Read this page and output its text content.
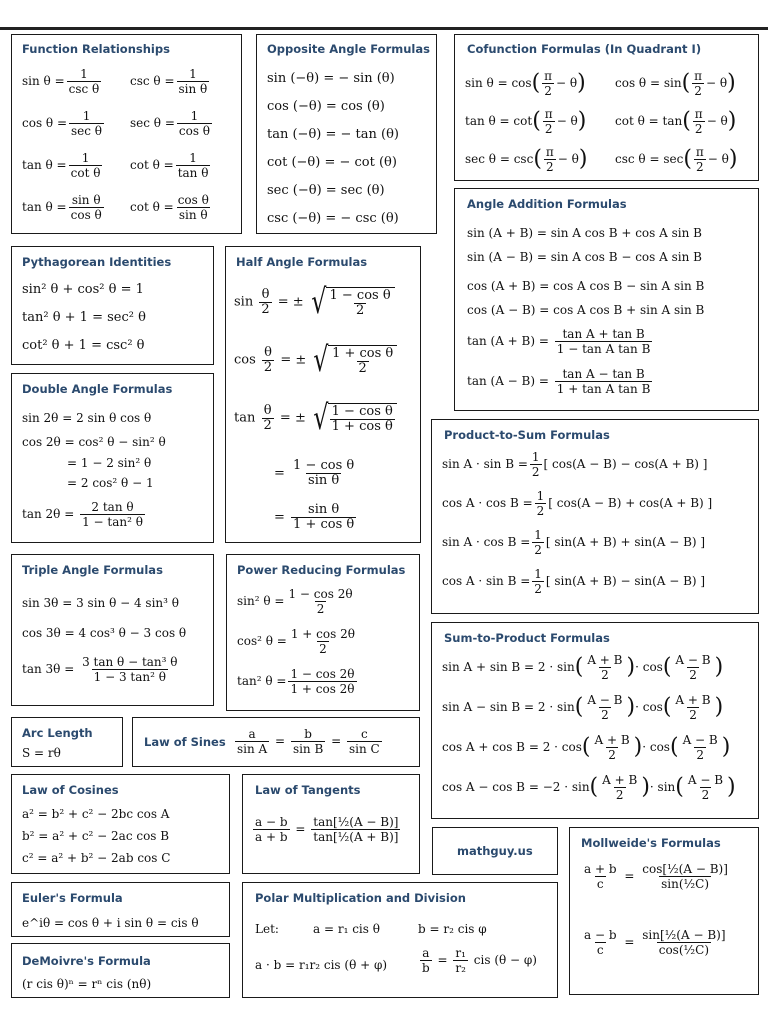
Function Relationships
$\sin \theta = \frac{1}{\text{csc θ}}$ $\csc \theta = \frac{1}{\text{sin θ}}$
$\cos \theta = \frac{1}{\text{sec θ}}$ $\sec \theta = \frac{1}{\text{cos θ}}$
$\tan \theta = \frac{1}{\text{cot θ}}$ $\cot \theta = \frac{1}{\text{tan θ}}$
$\tan \theta = \frac{\text{sin θ}}{\text{cos θ}}$ $\cot \theta = \frac{\text{cos θ}}{\text{sin θ}}$
Opposite Angle Formulas
sin (−θ) = − sin (θ)
cos (−θ) = cos (θ)
tan (−θ) = − tan (θ)
cot (−θ) = − cot (θ)
sec (−θ) = sec (θ)
csc (−θ) = − csc (θ)
Cofunction Formulas (In Quadrant I)
$\sin \theta = \cos( \frac{\pi}{2} - \theta)$ $\cos \theta = \sin( \frac{\pi}{2} - \theta)$
$\tan \theta = \cot( \frac{\pi}{2} - \theta)$ $\cot \theta = \tan( \frac{\pi}{2} - \theta)$
$\sec \theta = \csc( \frac{\pi}{2} - \theta)$ $\csc \theta = \sec( \frac{\pi}{2} - \theta)$
Angle Addition Formulas
sin (A + B) = sin A cos B + cos A sin B
sin (A − B) = sin A cos B − cos A sin B
cos (A + B) = cos A cos B − sin A sin B
cos (A − B) = cos A cos B + sin A sin B
$\tan (A + B) = \frac{\text{tan A + tan B}}{\text{1 − tan A tan B}}$
$\tan (A - B) = \frac{\text{tan A − tan B}}{\text{1 + tan A tan B}}$
Pythagorean Identities
sin² θ + cos² θ = 1
tan² θ + 1 = sec² θ
cot² θ + 1 = csc² θ
Half Angle Formulas
$\sin \frac{\theta}{2}$ = ± √ $\frac{\text{1 − cos θ}}{2}$
$\cos \frac{\theta}{2}$ = ± √ $\frac{\text{1 + cos θ}}{2}$
$\tan \frac{\theta}{2}$ = ± √ $\frac{\text{1 − cos θ}}{\text{1 + cos θ}}$
= $\frac{\text{1 − cos θ}}{\text{sin θ}}$
= $\frac{\text{sin θ}}{\text{1 + cos θ}}$
Double Angle Formulas
sin 2θ = 2 sin θ cos θ
cos 2θ = cos² θ − sin² θ
= 1 − 2 sin² θ
= 2 cos² θ − 1
$\tan 2\theta = \frac{\text{2 tan θ}}{\text{1 − tan² θ}}$
Product-to-Sum Formulas
$\sin A \cdot \sin B = \frac{1}{2}$ [ cos(A − B) − cos(A + B) ]
$\cos A \cdot \cos B = \frac{1}{2}$ [ cos(A − B) + cos(A + B) ]
$\sin A \cdot \cos B = \frac{1}{2}$ [ sin(A + B) + sin(A − B) ]
$\cos A \cdot \sin B = \frac{1}{2}$ [ sin(A + B) − sin(A − B) ]
Triple Angle Formulas
sin 3θ = 3 sin θ − 4 sin³ θ
cos 3θ = 4 cos³ θ − 3 cos θ
$\tan 3\theta = \frac{\text{3 tan θ − tan³ θ}}{\text{1 − 3 tan² θ}}$
Power Reducing Formulas
sin² $\theta = \frac{1 - \cos 2\theta}{2}$
cos² $\theta = \frac{1 + \cos 2\theta}{2}$
tan² $\theta = \frac{1 - \cos 2\theta}{1 + \cos 2\theta}$
Sum-to-Product Formulas
$\sin A + \sin B = 2 \cdot \sin( \frac{A + B}{2}$ )· $\cos( \frac{A - B}{2}$ )
$\sin A - \sin B = 2 \cdot \sin( \frac{A - B}{2}$ )· $\cos( \frac{A + B}{2}$ )
$\cos A + \cos B = 2 \cdot \cos( \frac{A + B}{2}$ )· $\cos( \frac{A - B}{2}$ )
$\cos A - \cos B = -2 \cdot \sin( \frac{A + B}{2}$ )· $\sin( \frac{A - B}{2}$ )
Arc Length
S = rθ
Law of Sines $\frac{a}{\text{sin A}} = \frac{b}{\text{sin B}} = \frac{c}{\text{sin C}}$
Law of Cosines
a² = b² + c² − 2bc cos A
b² = a² + c² − 2ac cos B
c² = a² + b² − 2ab cos C
Law of Tangents
$\frac{a - b}{a + b} = \frac{\text{tan[½(A − B)]}}{\text{tan[½(A + B)]}}$
mathguy.us
Mollweide's Formulas
$\frac{a + b}{c} = \frac{\text{cos[½(A − B)]}}{\text{sin(½C)}}$
$\frac{a - b}{c} = \frac{\text{sin[½(A − B)]}}{\text{cos(½C)}}$
Euler's Formula
e^iθ = cos θ + i sin θ = cis θ
DeMoivre's Formula
(r cis θ)ⁿ = rⁿ cis (nθ)
Polar Multiplication and Division
Let:	a = r₁ cis θ	b = r₂ cis φ
a · b = r₁r₂ cis (θ + φ)	$\frac{a}{b} = \frac{\text{r₁}}{\text{r₂}}$ cis (θ − φ)
